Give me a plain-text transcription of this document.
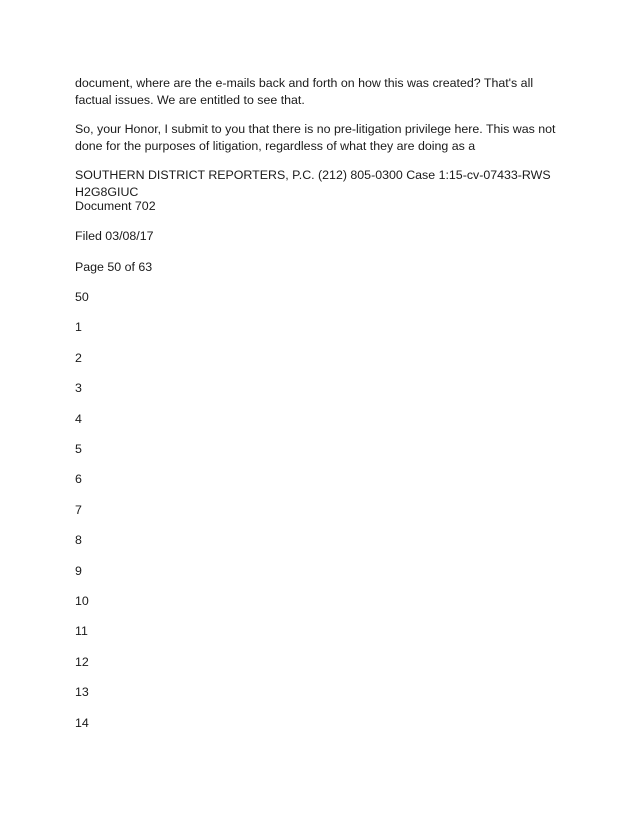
document, where are the e-mails back and forth on how this was created? That's all factual issues. We are entitled to see that.

So, your Honor, I submit to you that there is no pre-litigation privilege here. This was not done for the purposes of litigation, regardless of what they are doing as a

SOUTHERN DISTRICT REPORTERS, P.C. (212) 805-0300 Case 1:15-cv-07433-RWS H2G8GIUC

Document 702

Filed 03/08/17

Page 50 of 63

50

1

2

3

4

5

6

7

8

9

10

11

12

13

14
